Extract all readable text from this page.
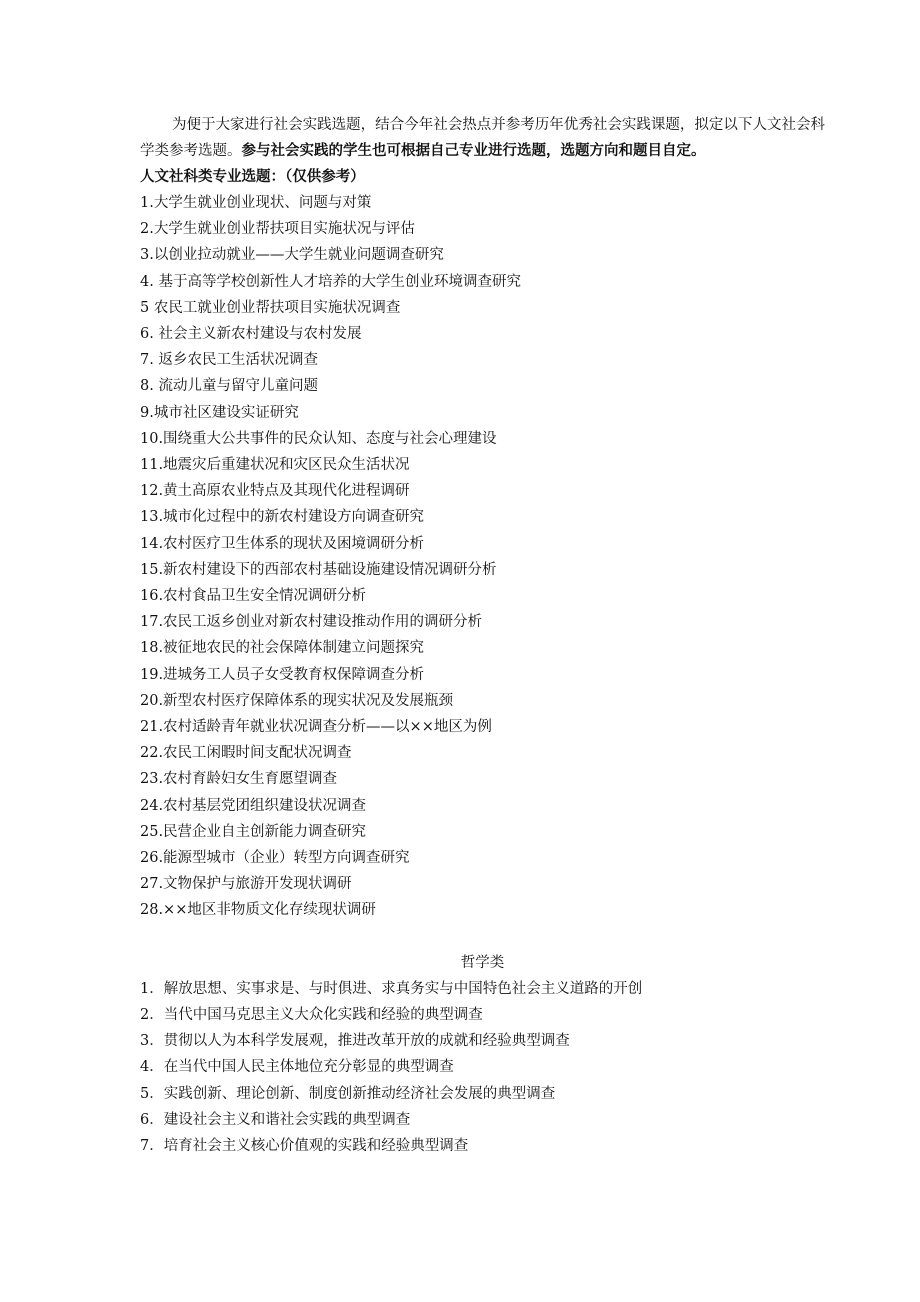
为便于大家进行社会实践选题，结合今年社会热点并参考历年优秀社会实践课题，拟定以下人文社会科学类参考选题。参与社会实践的学生也可根据自己专业进行选题，选题方向和题目自定。

人文社科类专业选题：（仅供参考）

1.大学生就业创业现状、问题与对策
2.大学生就业创业帮扶项目实施状况与评估
3.以创业拉动就业——大学生就业问题调查研究
4. 基于高等学校创新性人才培养的大学生创业环境调查研究
5 农民工就业创业帮扶项目实施状况调查
6. 社会主义新农村建设与农村发展
7. 返乡农民工生活状况调查
8. 流动儿童与留守儿童问题
9.城市社区建设实证研究
10.围绕重大公共事件的民众认知、态度与社会心理建设
11.地震灾后重建状况和灾区民众生活状况
12.黄土高原农业特点及其现代化进程调研
13.城市化过程中的新农村建设方向调查研究
14.农村医疗卫生体系的现状及困境调研分析
15.新农村建设下的西部农村基础设施建设情况调研分析
16.农村食品卫生安全情况调研分析
17.农民工返乡创业对新农村建设推动作用的调研分析
18.被征地农民的社会保障体制建立问题探究
19.进城务工人员子女受教育权保障调查分析
20.新型农村医疗保障体系的现实状况及发展瓶颈
21.农村适龄青年就业状况调查分析——以××地区为例
22.农民工闲暇时间支配状况调查
23.农村育龄妇女生育愿望调查
24.农村基层党团组织建设状况调查
25.民营企业自主创新能力调查研究
26.能源型城市（企业）转型方向调查研究
27.文物保护与旅游开发现状调研
28.××地区非物质文化存续现状调研

哲学类

1．解放思想、实事求是、与时俱进、求真务实与中国特色社会主义道路的开创
2．当代中国马克思主义大众化实践和经验的典型调查
3．贯彻以人为本科学发展观，推进改革开放的成就和经验典型调查
4．在当代中国人民主体地位充分彰显的典型调查
5．实践创新、理论创新、制度创新推动经济社会发展的典型调查
6．建设社会主义和谐社会实践的典型调查
7．培育社会主义核心价值观的实践和经验典型调查
